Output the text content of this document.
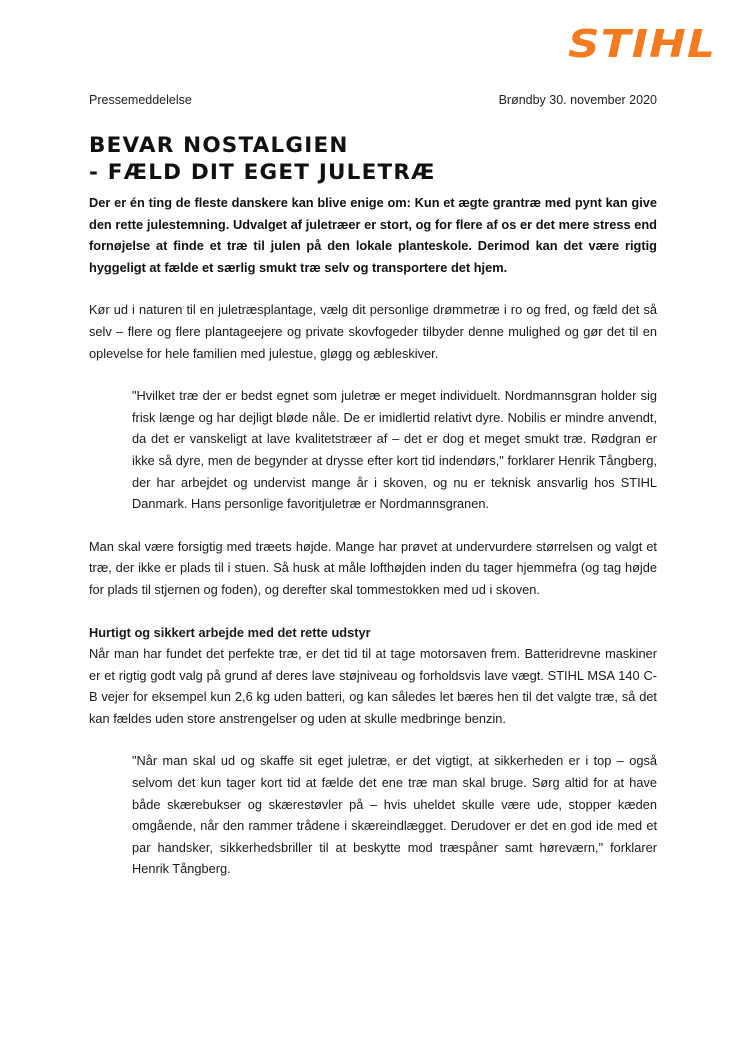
STIHL
Pressemeddelelse	Brøndby 30. november 2020
BEVAR NOSTALGIEN
- FÆLD DIT EGET JULETRÆ

Der er én ting de fleste danskere kan blive enige om: Kun et ægte grantræ med pynt kan give den rette julestemning. Udvalget af juletræer er stort, og for flere af os er det mere stress end fornøjelse at finde et træ til julen på den lokale planteskole. Derimod kan det være rigtig hyggeligt at fælde et særlig smukt træ selv og transportere det hjem.

Kør ud i naturen til en juletræsplantage, vælg dit personlige drømmetræ i ro og fred, og fæld det så selv – flere og flere plantageejere og private skovfogeder tilbyder denne mulighed og gør det til en oplevelse for hele familien med julestue, gløgg og æbleskiver.

"Hvilket træ der er bedst egnet som juletræ er meget individuelt. Nordmannsgran holder sig frisk længe og har dejligt bløde nåle. De er imidlertid relativt dyre. Nobilis er mindre anvendt, da det er vanskeligt at lave kvalitetstræer af – det er dog et meget smukt træ. Rødgran er ikke så dyre, men de begynder at drysse efter kort tid indendørs," forklarer Henrik Tångberg, der har arbejdet og undervist mange år i skoven, og nu er teknisk ansvarlig hos STIHL Danmark. Hans personlige favoritjuletræ er Nordmannsgranen.

Man skal være forsigtig med træets højde. Mange har prøvet at undervurdere størrelsen og valgt et træ, der ikke er plads til i stuen. Så husk at måle lofthøjden inden du tager hjemmefra (og tag højde for plads til stjernen og foden), og derefter skal tommestokken med ud i skoven.

Hurtigt og sikkert arbejde med det rette udstyr

Når man har fundet det perfekte træ, er det tid til at tage motorsaven frem. Batteridrevne maskiner er et rigtig godt valg på grund af deres lave støjniveau og forholdsvis lave vægt. STIHL MSA 140 C-B vejer for eksempel kun 2,6 kg uden batteri, og kan således let bæres hen til det valgte træ, så det kan fældes uden store anstrengelser og uden at skulle medbringe benzin.

"Når man skal ud og skaffe sit eget juletræ, er det vigtigt, at sikkerheden er i top – også selvom det kun tager kort tid at fælde det ene træ man skal bruge. Sørg altid for at have både skærebukser og skærestøvler på – hvis uheldet skulle være ude, stopper kæden omgående, når den rammer trådene i skæreindlægget. Derudover er det en god ide med et par handsker, sikkerhedsbriller til at beskytte mod træspåner samt høreværn," forklarer Henrik Tångberg.
